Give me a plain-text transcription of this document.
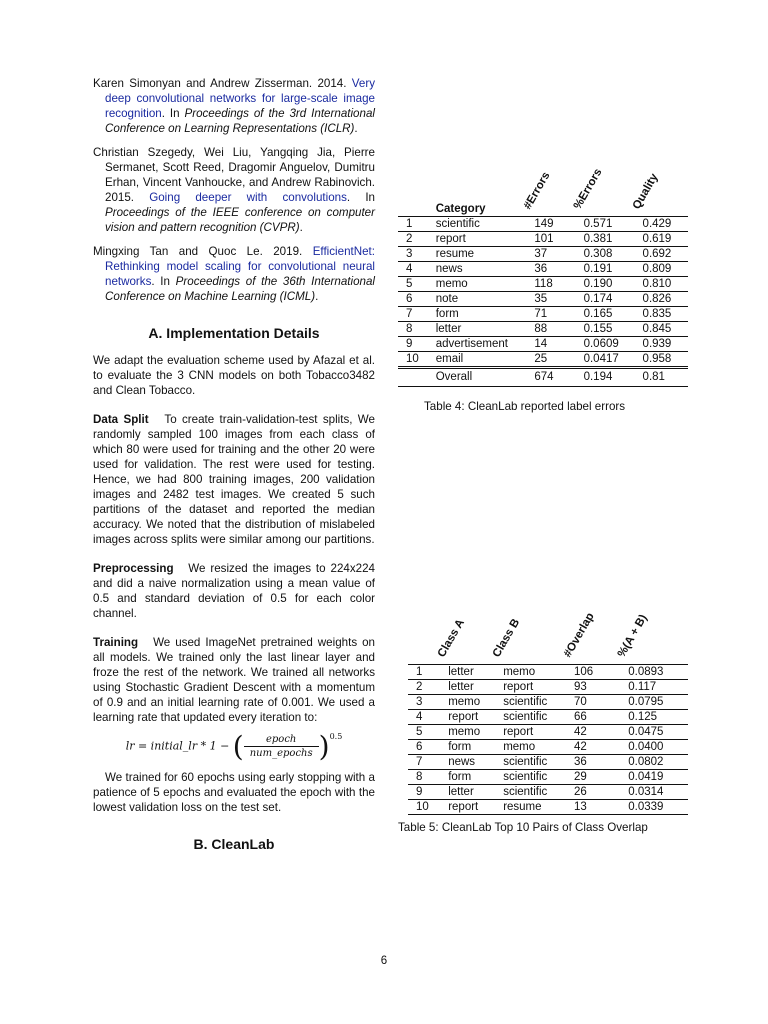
Karen Simonyan and Andrew Zisserman. 2014. Very deep convolutional networks for large-scale image recognition. In Proceedings of the 3rd International Conference on Learning Representations (ICLR).

Christian Szegedy, Wei Liu, Yangqing Jia, Pierre Sermanet, Scott Reed, Dragomir Anguelov, Dumitru Erhan, Vincent Vanhoucke, and Andrew Rabinovich. 2015. Going deeper with convolutions. In Proceedings of the IEEE conference on computer vision and pattern recognition (CVPR).

Mingxing Tan and Quoc Le. 2019. EfficientNet: Rethinking model scaling for convolutional neural networks. In Proceedings of the 36th International Conference on Machine Learning (ICML).

A. Implementation Details

We adapt the evaluation scheme used by Afazal et al. to evaluate the 3 CNN models on both Tobacco3482 and Clean Tobacco.

Data Split To create train-validation-test splits, We randomly sampled 100 images from each class of which 80 were used for training and the other 20 were used for validation. The rest were used for testing. Hence, we had 800 training images, 200 validation images and 2482 test images. We created 5 such partitions of the dataset and reported the median accuracy. We noted that the distribution of mislabeled images across splits were similar among our partitions.

Preprocessing We resized the images to 224x224 and did a naive normalization using a mean value of 0.5 and standard deviation of 0.5 for each color channel.

Training We used ImageNet pretrained weights on all models. We trained only the last linear layer and froze the rest of the network. We trained all networks using Stochastic Gradient Descent with a momentum of 0.9 and an initial learning rate of 0.001. We used a learning rate that updated every iteration to:

lr = initial_lr * 1 − ( $\frac{\text{epoch}}{\text{num\_epochs}} )^{0.5}$

We trained for 60 epochs using early stopping with a patience of 5 epochs and evaluated the epoch with the lowest validation loss on the test set.

B. CleanLab
	Category	#Errors	%Errors	Quality

1	scientific	149	0.571	0.429
2	report	101	0.381	0.619
3	resume	37	0.308	0.692
4	news	36	0.191	0.809
5	memo	118	0.190	0.810
6	note	35	0.174	0.826
7	form	71	0.165	0.835
8	letter	88	0.155	0.845
9	advertisement	14	0.0609	0.939
10	email	25	0.0417	0.958
	Overall	674	0.194	0.81
Table 4: CleanLab reported label errors

	Class A	Class B	#Overlap	%(A + B)

1	letter	memo	106	0.0893
2	letter	report	93	0.117
3	memo	scientific	70	0.0795
4	report	scientific	66	0.125
5	memo	report	42	0.0475
6	form	memo	42	0.0400
7	news	scientific	36	0.0802
8	form	scientific	29	0.0419
9	letter	scientific	26	0.0314
10	report	resume	13	0.0339
Table 5: CleanLab Top 10 Pairs of Class Overlap
6
